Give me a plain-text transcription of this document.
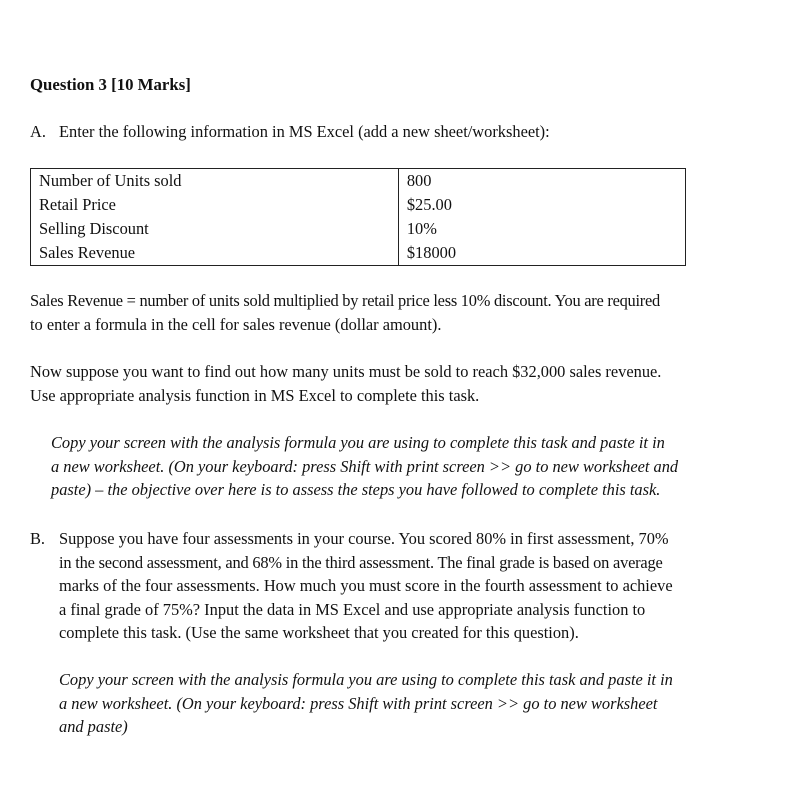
Question 3 [10 Marks]
A. Enter the following information in MS Excel (add a new sheet/worksheet):
Number of Units sold	800
Retail Price	$25.00
Selling Discount	10%
Sales Revenue	$18000
Sales Revenue = number of units sold multiplied by retail price less 10% discount. You are required
to enter a formula in the cell for sales revenue (dollar amount).
Now suppose you want to find out how many units must be sold to reach $32,000 sales revenue.
Use appropriate analysis function in MS Excel to complete this task.
Copy your screen with the analysis formula you are using to complete this task and paste it in
a new worksheet. (On your keyboard: press Shift with print screen >> go to new worksheet and
paste) – the objective over here is to assess the steps you have followed to complete this task.
B. Suppose you have four assessments in your course. You scored 80% in first assessment, 70%
in the second assessment, and 68% in the third assessment. The final grade is based on average
marks of the four assessments. How much you must score in the fourth assessment to achieve
a final grade of 75%? Input the data in MS Excel and use appropriate analysis function to
complete this task. (Use the same worksheet that you created for this question).
Copy your screen with the analysis formula you are using to complete this task and paste it in
a new worksheet. (On your keyboard: press Shift with print screen >> go to new worksheet
and paste)
